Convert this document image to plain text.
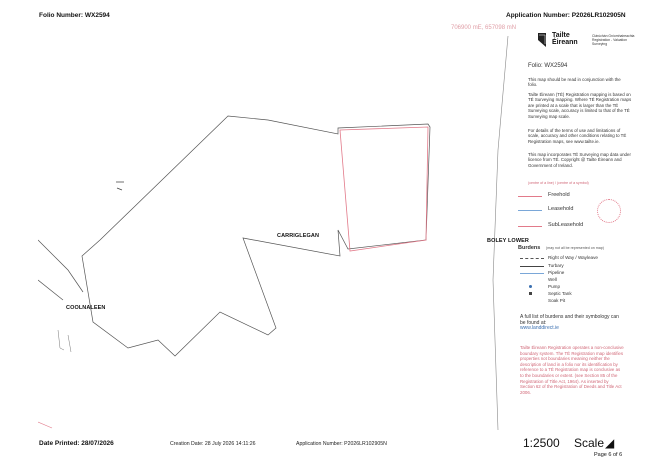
Folio Number: WX2594	Application Number: P2026LR102905N
706900 mE, 657098 mN
CARRIGLEGAN
COOLNALEEN
BOLEY LOWER
Tailte
Éireann
Clárúchán Gníomhaireachta
Registration - Valuation
Surveying
Folio: WX2594
This map should be read in conjunction with the folio.
Tailte Éireann (TÉ) Registration mapping is based on TÉ Surveying mapping. Where TÉ Registration maps are printed at a scale that is larger than the TÉ Surveying scale, accuracy is limited to that of the TÉ Surveying map scale.
For details of the terms of use and limitations of scale, accuracy and other conditions relating to TÉ Registration maps, see www.tailte.ie.
This map incorporates TÉ Surveying map data under licence from TÉ. Copyright @ Tailte Éireann and Government of Ireland.
(centre of a line) / (centre of a symbol)
Freehold
Leasehold
SubLeasehold
Burdens (may not all be represented on map)
Right of Way / Wayleave
Turbary
Pipeline
Well
Pump
Septic Tank
Soak Pit
A full list of burdens and their symbology can be found at:
www.landdirect.ie
Tailte Éireann Registration operates a non-conclusive boundary system. The TÉ Registration map identifies properties not boundaries meaning neither the description of land in a folio nor its identification by reference to a TÉ Registration map is conclusive as to the boundaries or extent. (see Section 85 of the Registration of Title Act, 1964). As inserted by Section 62 of the Registration of Deeds and Title Act 2006.
Date Printed: 28/07/2026	Creation Date: 28 July 2026 14:11:26	Application Number: P2026LR102905N	1:2500 Scale ◢
Page 6 of 6
